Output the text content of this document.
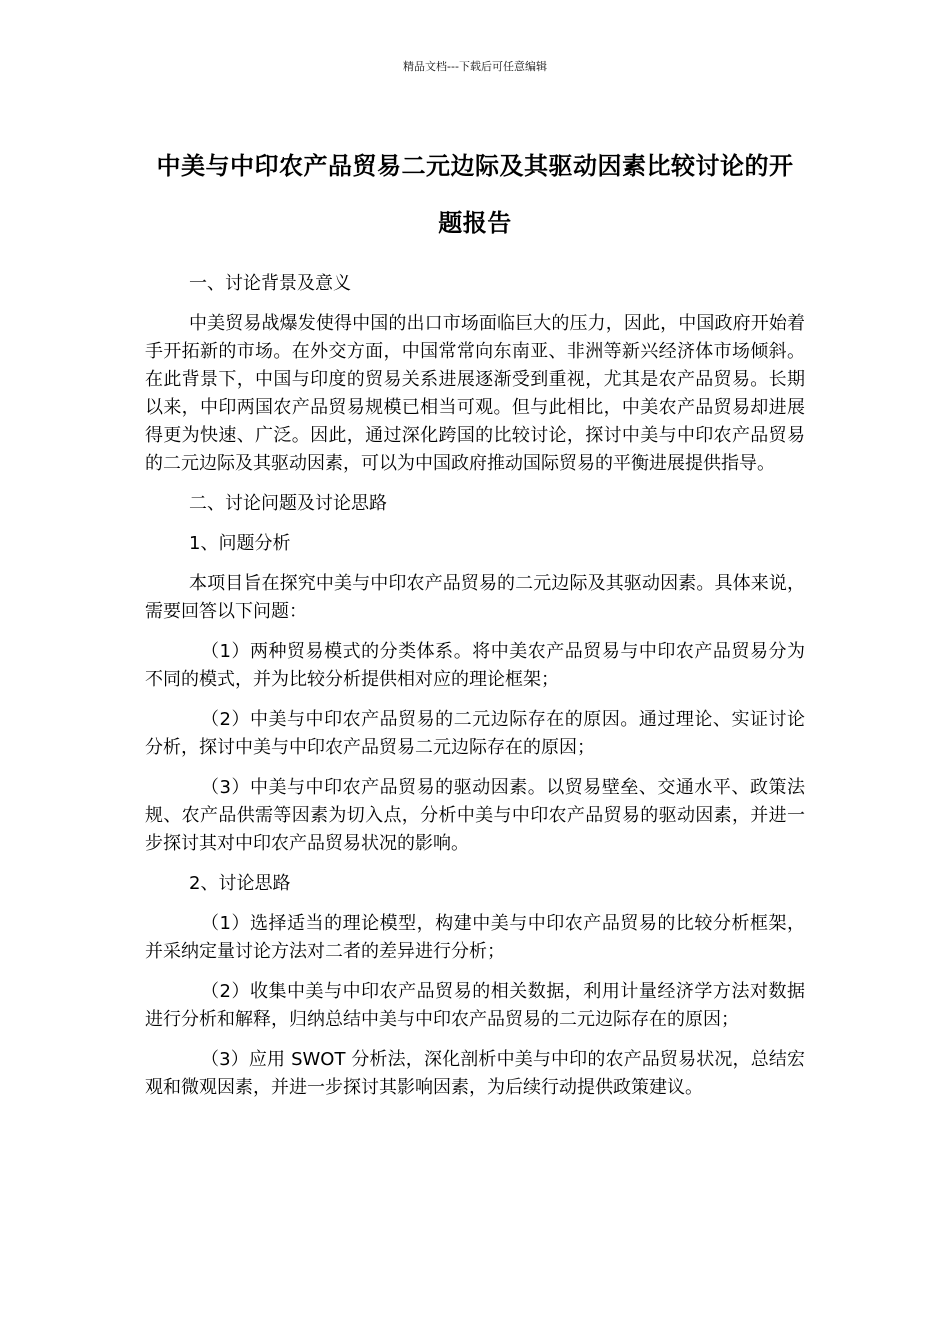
精品文档---下载后可任意编辑
中美与中印农产品贸易二元边际及其驱动因素比较讨论的开题报告

一、讨论背景及意义

中美贸易战爆发使得中国的出口市场面临巨大的压力，因此，中国政府开始着手开拓新的市场。在外交方面，中国常常向东南亚、非洲等新兴经济体市场倾斜。在此背景下，中国与印度的贸易关系进展逐渐受到重视，尤其是农产品贸易。长期以来，中印两国农产品贸易规模已相当可观。但与此相比，中美农产品贸易却进展得更为快速、广泛。因此，通过深化跨国的比较讨论，探讨中美与中印农产品贸易的二元边际及其驱动因素，可以为中国政府推动国际贸易的平衡进展提供指导。

二、讨论问题及讨论思路

1、问题分析

本项目旨在探究中美与中印农产品贸易的二元边际及其驱动因素。具体来说，需要回答以下问题：

（1）两种贸易模式的分类体系。将中美农产品贸易与中印农产品贸易分为不同的模式，并为比较分析提供相对应的理论框架；

（2）中美与中印农产品贸易的二元边际存在的原因。通过理论、实证讨论分析，探讨中美与中印农产品贸易二元边际存在的原因；

（3）中美与中印农产品贸易的驱动因素。以贸易壁垒、交通水平、政策法规、农产品供需等因素为切入点，分析中美与中印农产品贸易的驱动因素，并进一步探讨其对中印农产品贸易状况的影响。

2、讨论思路

（1）选择适当的理论模型，构建中美与中印农产品贸易的比较分析框架，并采纳定量讨论方法对二者的差异进行分析；

（2）收集中美与中印农产品贸易的相关数据，利用计量经济学方法对数据进行分析和解释，归纳总结中美与中印农产品贸易的二元边际存在的原因；

（3）应用 SWOT 分析法，深化剖析中美与中印的农产品贸易状况，总结宏观和微观因素，并进一步探讨其影响因素，为后续行动提供政策建议。
